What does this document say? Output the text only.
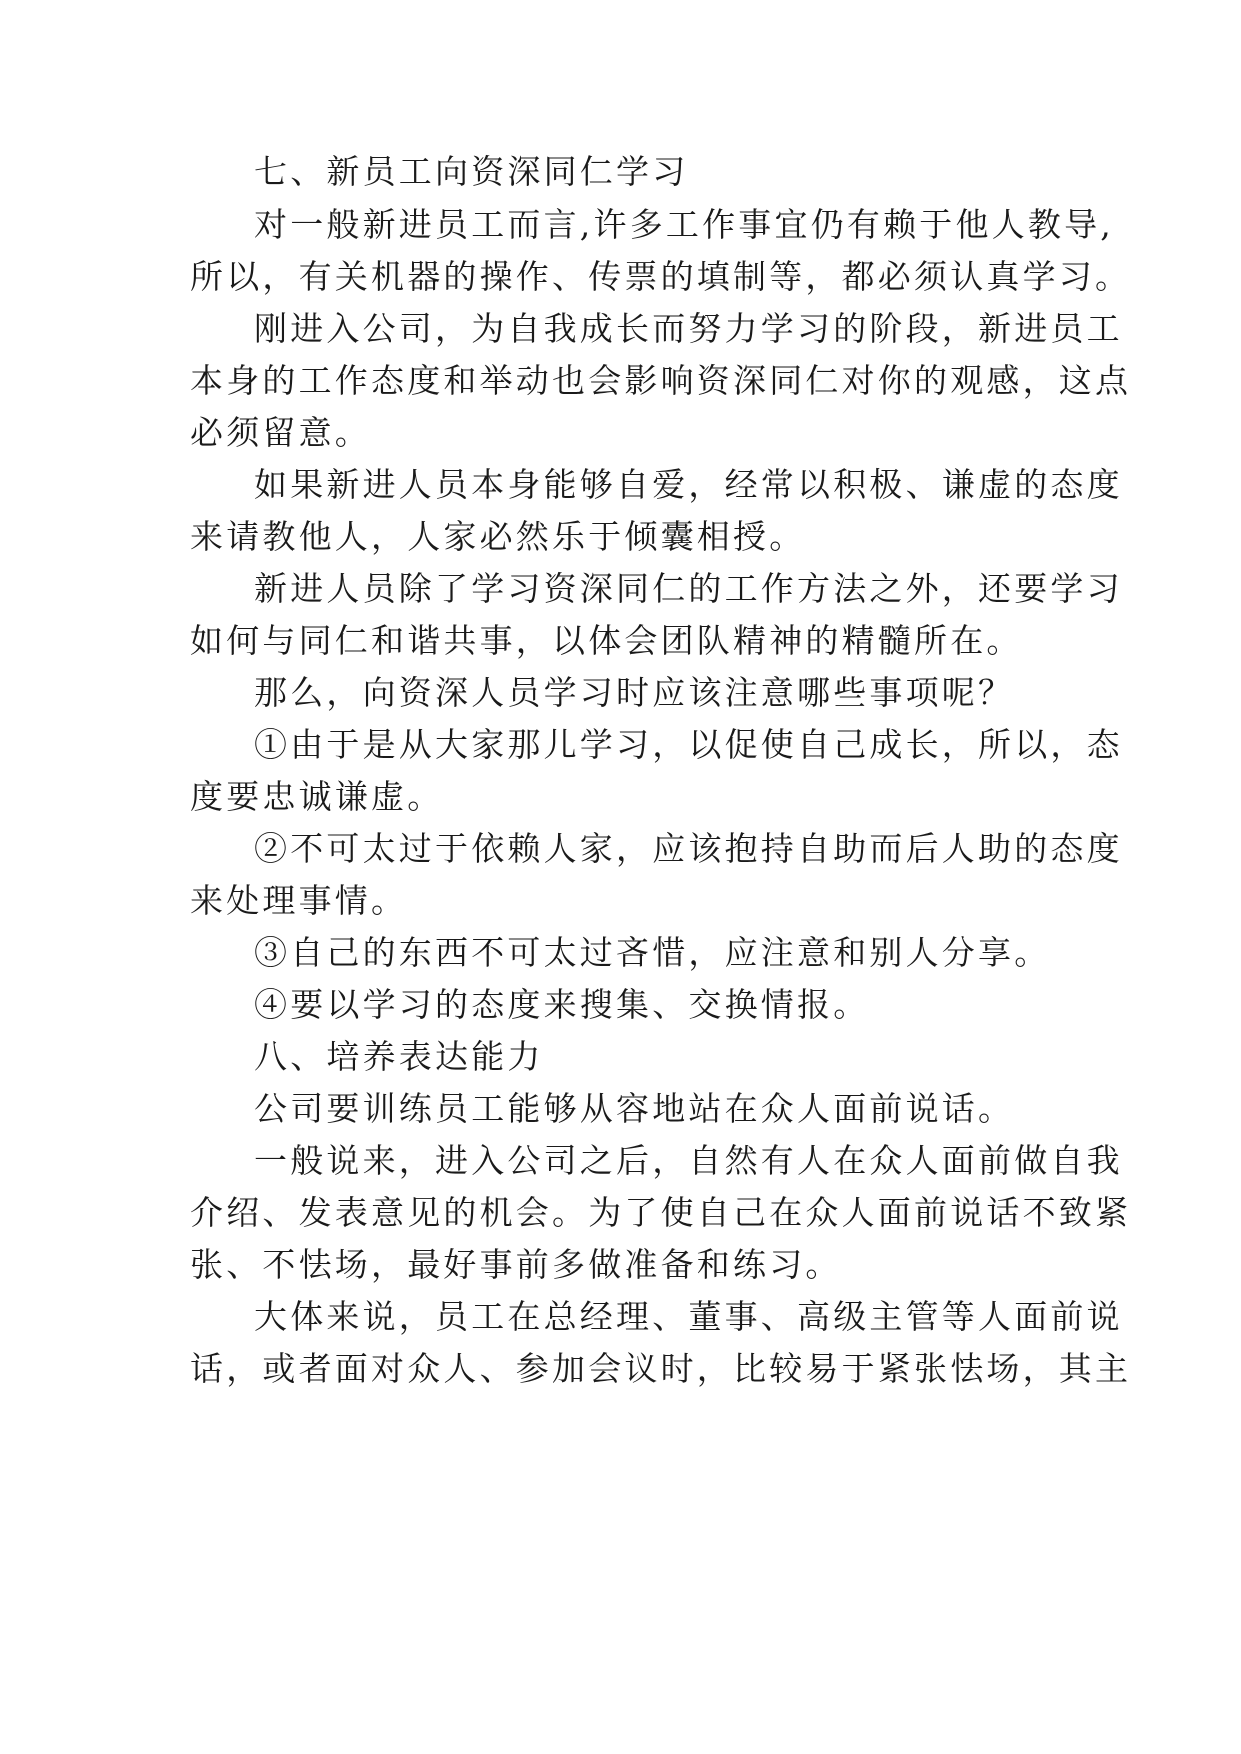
七、新员工向资深同仁学习
对一般新进员工而言,许多工作事宜仍有赖于他人教导,
所以，有关机器的操作、传票的填制等，都必须认真学习。
刚进入公司，为自我成长而努力学习的阶段，新进员工
本身的工作态度和举动也会影响资深同仁对你的观感，这点
必须留意。
如果新进人员本身能够自爱，经常以积极、谦虚的态度
来请教他人，人家必然乐于倾囊相授。
新进人员除了学习资深同仁的工作方法之外，还要学习
如何与同仁和谐共事，以体会团队精神的精髓所在。
那么，向资深人员学习时应该注意哪些事项呢？
①由于是从大家那儿学习，以促使自己成长，所以，态
度要忠诚谦虚。
②不可太过于依赖人家，应该抱持自助而后人助的态度
来处理事情。
③自己的东西不可太过吝惜，应注意和别人分享。
④要以学习的态度来搜集、交换情报。
八、培养表达能力
公司要训练员工能够从容地站在众人面前说话。
一般说来，进入公司之后，自然有人在众人面前做自我
介绍、发表意见的机会。为了使自己在众人面前说话不致紧
张、不怯场，最好事前多做准备和练习。
大体来说，员工在总经理、董事、高级主管等人面前说
话，或者面对众人、参加会议时，比较易于紧张怯场，其主
